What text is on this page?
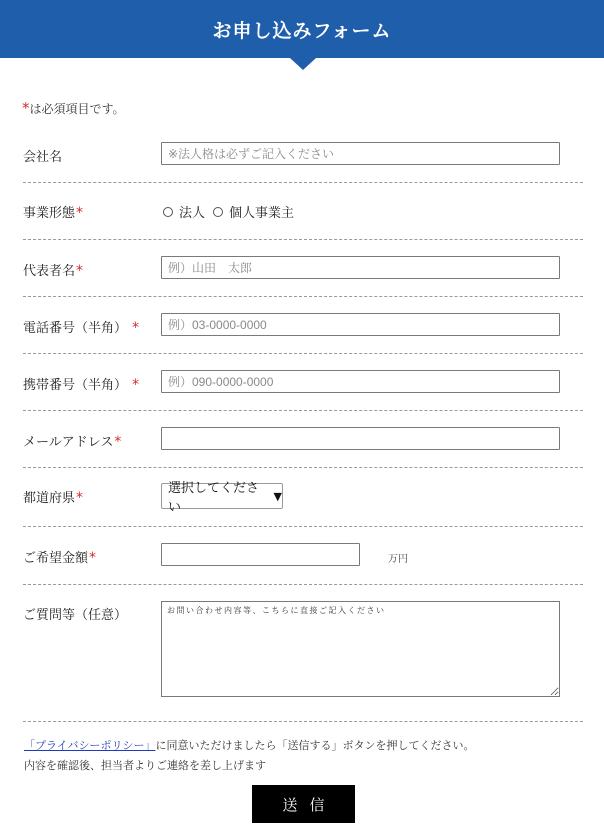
お申し込みフォーム
*は必須項目です。
会社名
※法人格は必ずご記入ください
事業形態*	法人 個人事業主
代表者名*
例）山田　太郎
電話番号（半角） *
例）03-0000-0000
携帯番号（半角） *
例）090-0000-0000
メールアドレス*
都道府県*
選択してください
▼
ご希望金額*	万円
ご質問等（任意）
お問い合わせ内容等、こちらに直接ご記入ください
「プライバシーポリシー」に同意いただけましたら「送信する」ボタンを押してください。
内容を確認後、担当者よりご連絡を差し上げます
送信
